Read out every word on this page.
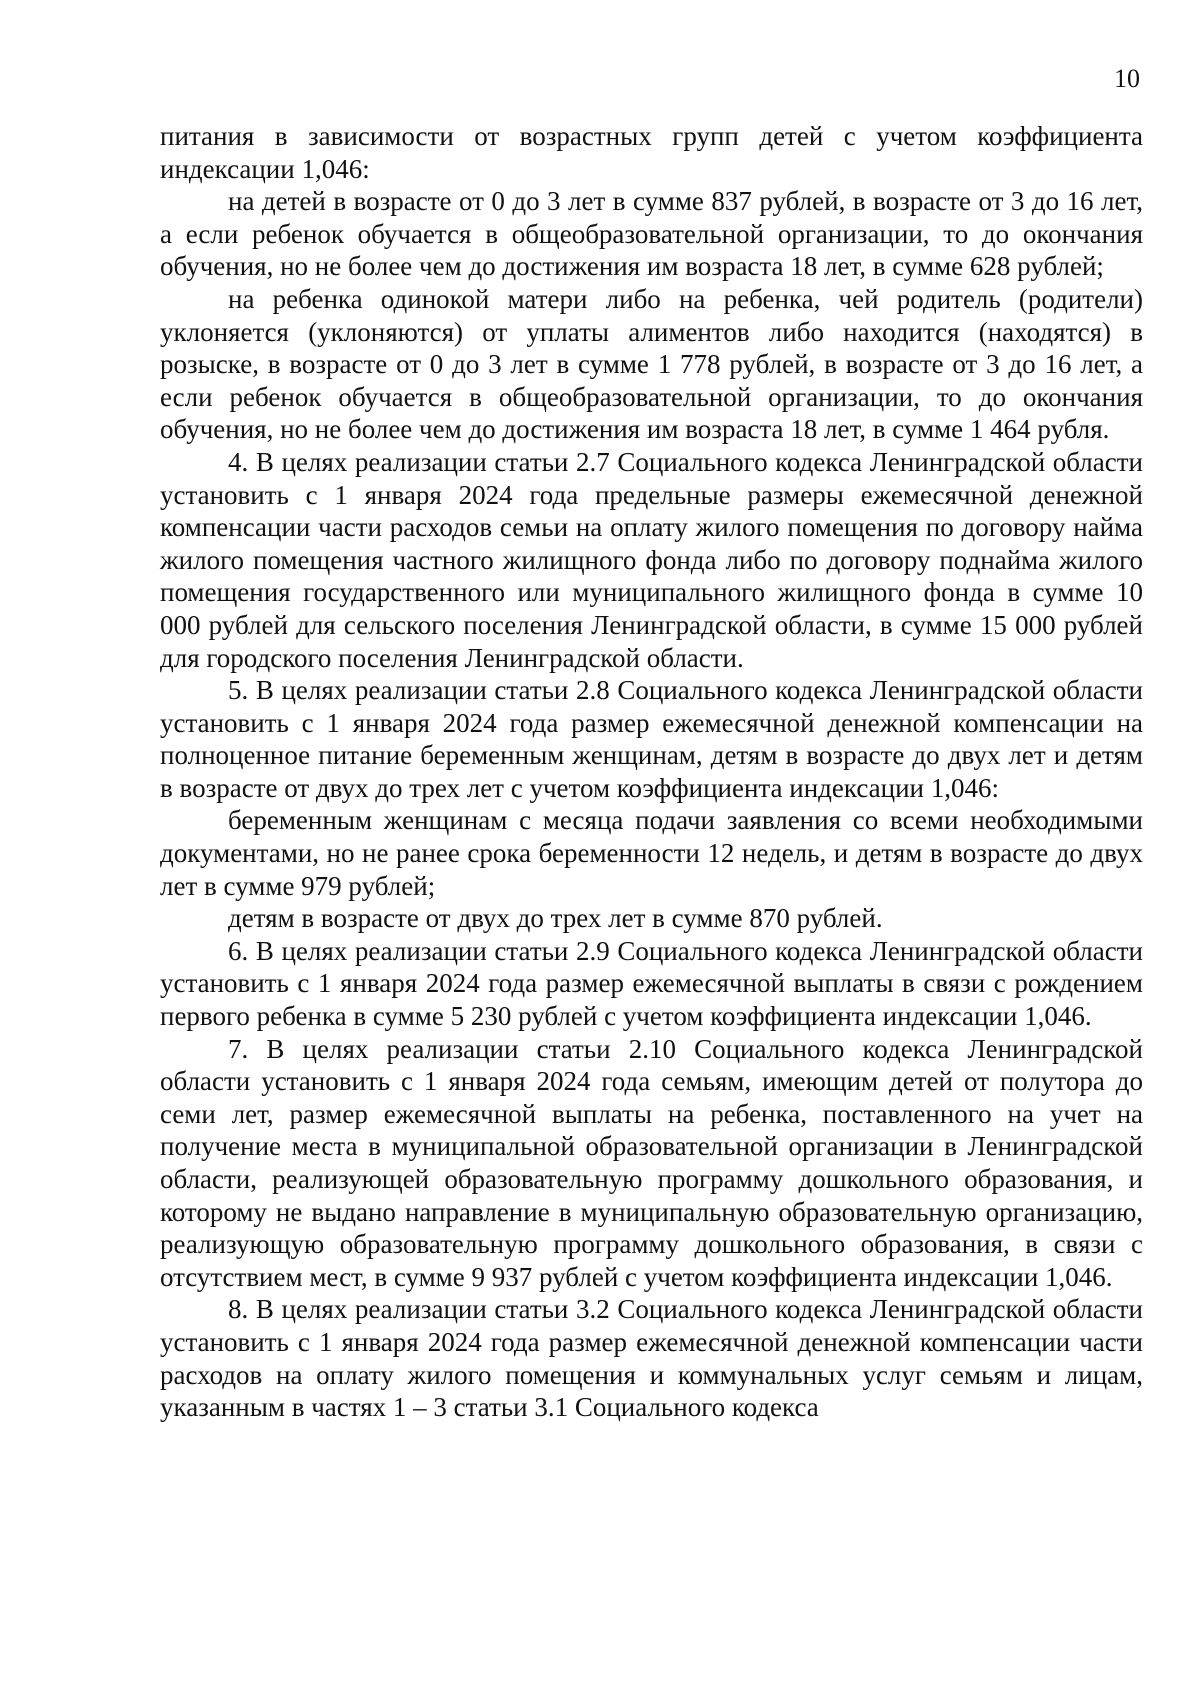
10

питания в зависимости от возрастных групп детей с учетом коэффициента индексации 1,046:

на детей в возрасте от 0 до 3 лет в сумме 837 рублей, в возрасте от 3 до 16 лет, а если ребенок обучается в общеобразовательной организации, то до окончания обучения, но не более чем до достижения им возраста 18 лет, в сумме 628 рублей;

на ребенка одинокой матери либо на ребенка, чей родитель (родители) уклоняется (уклоняются) от уплаты алиментов либо находится (находятся) в розыске, в возрасте от 0 до 3 лет в сумме 1 778 рублей, в возрасте от 3 до 16 лет, а если ребенок обучается в общеобразовательной организации, то до окончания обучения, но не более чем до достижения им возраста 18 лет, в сумме 1 464 рубля.

4. В целях реализации статьи 2.7 Социального кодекса Ленинградской области установить с 1 января 2024 года предельные размеры ежемесячной денежной компенсации части расходов семьи на оплату жилого помещения по договору найма жилого помещения частного жилищного фонда либо по договору поднайма жилого помещения государственного или муниципального жилищного фонда в сумме 10 000 рублей для сельского поселения Ленинградской области, в сумме 15 000 рублей для городского поселения Ленинградской области.

5. В целях реализации статьи 2.8 Социального кодекса Ленинградской области установить с 1 января 2024 года размер ежемесячной денежной компенсации на полноценное питание беременным женщинам, детям в возрасте до двух лет и детям в возрасте от двух до трех лет с учетом коэффициента индексации 1,046:

беременным женщинам с месяца подачи заявления со всеми необходимыми документами, но не ранее срока беременности 12 недель, и детям в возрасте до двух лет в сумме 979 рублей;

детям в возрасте от двух до трех лет в сумме 870 рублей.

6. В целях реализации статьи 2.9 Социального кодекса Ленинградской области установить с 1 января 2024 года размер ежемесячной выплаты в связи с рождением первого ребенка в сумме 5 230 рублей с учетом коэффициента индексации 1,046.

7. В целях реализации статьи 2.10 Социального кодекса Ленинградской области установить с 1 января 2024 года семьям, имеющим детей от полутора до семи лет, размер ежемесячной выплаты на ребенка, поставленного на учет на получение места в муниципальной образовательной организации в Ленинградской области, реализующей образовательную программу дошкольного образования, и которому не выдано направление в муниципальную образовательную организацию, реализующую образовательную программу дошкольного образования, в связи с отсутствием мест, в сумме 9 937 рублей с учетом коэффициента индексации 1,046.

8. В целях реализации статьи 3.2 Социального кодекса Ленинградской области установить с 1 января 2024 года размер ежемесячной денежной компенсации части расходов на оплату жилого помещения и коммунальных услуг семьям и лицам, указанным в частях 1 – 3 статьи 3.1 Социального кодекса
